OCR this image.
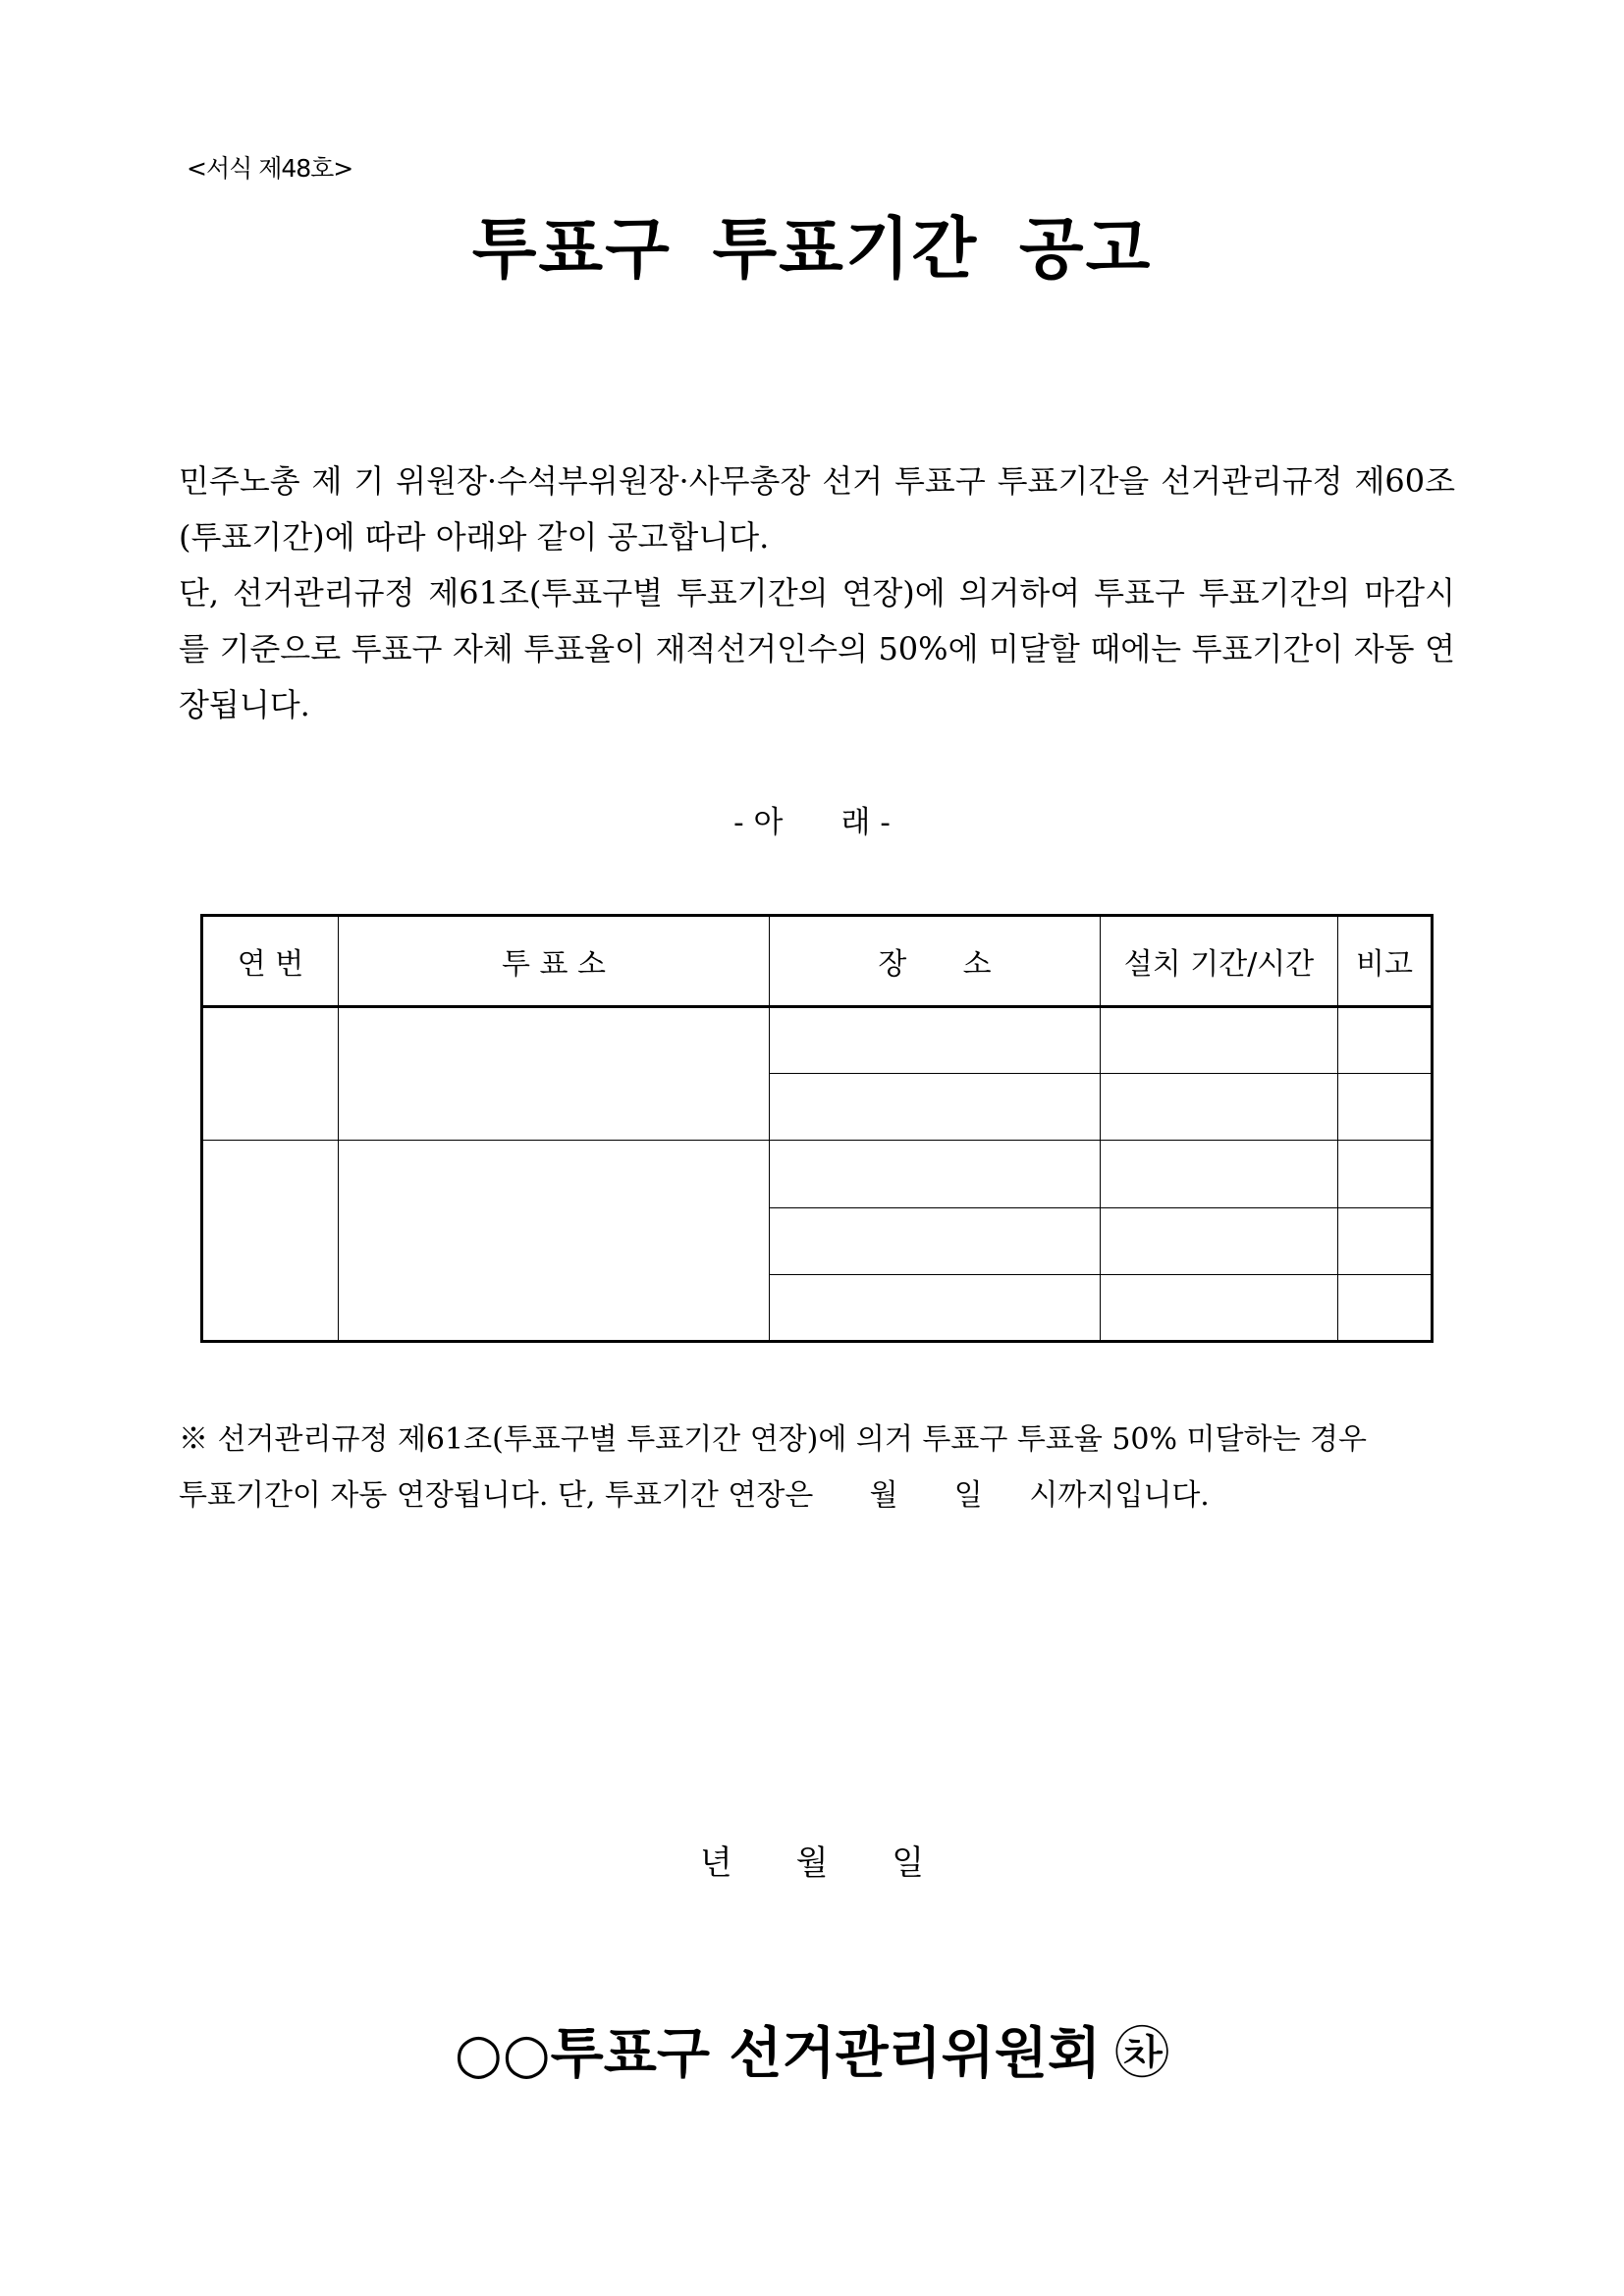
<서식 제48호>
투표구 투표기간 공고

민주노총 제 기 위원장·수석부위원장·사무총장 선거 투표구 투표기간을 선거관리규정 제60조(투표기간)에 따라 아래와 같이 공고합니다.

단, 선거관리규정 제61조(투표구별 투표기간의 연장)에 의거하여 투표구 투표기간의 마감시를 기준으로 투표구 자체 투표율이 재적선거인수의 50%에 미달할 때에는 투표기간이 자동 연장됩니다.

- 아      래 -
연 번	투 표 소	장      소	설치 기간/시간	비고

※ 선거관리규정 제61조(투표구별 투표기간 연장)에 의거 투표구 투표율 50% 미달하는 경우

투표기간이 자동 연장됩니다. 단, 투표기간 연장은      월      일     시까지입니다.

년      월      일
○○투표구 선거관리위원회 ㉷
